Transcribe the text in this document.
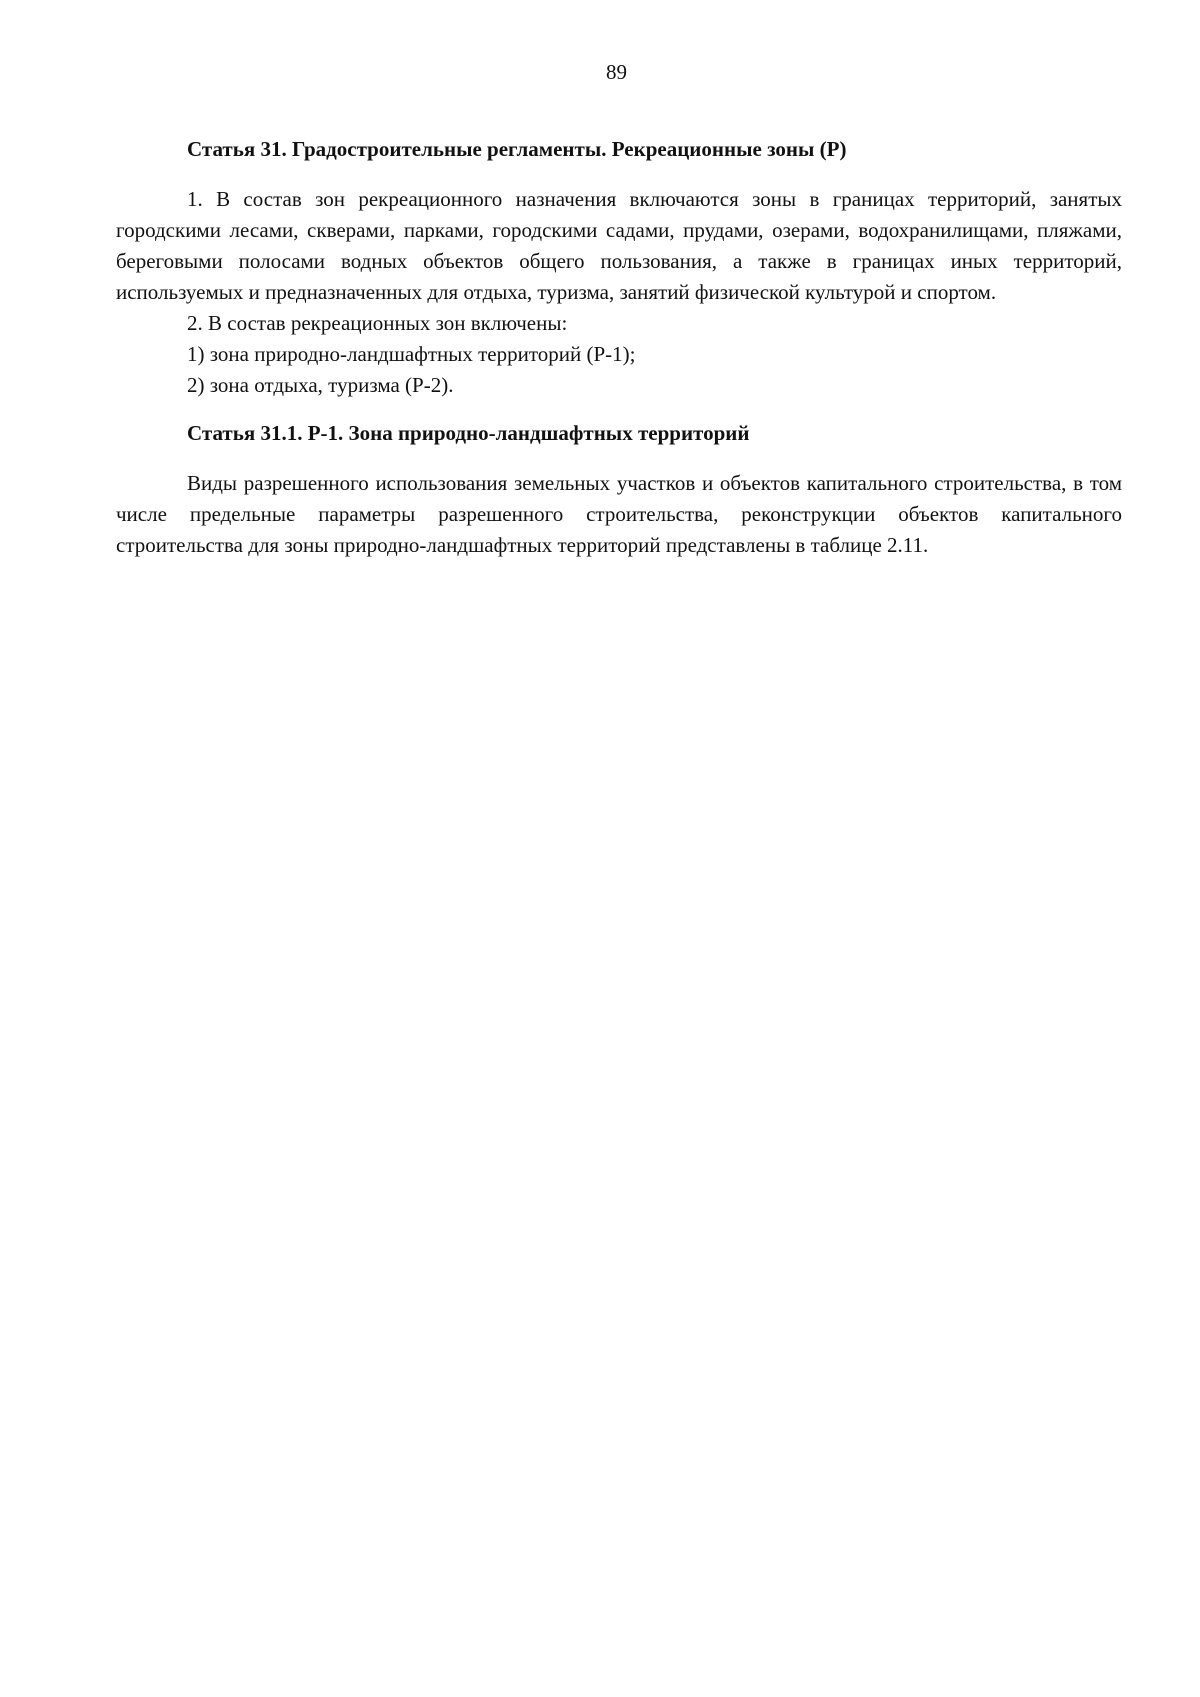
89

Статья 31. Градостроительные регламенты. Рекреационные зоны (Р)

1. В состав зон рекреационного назначения включаются зоны в границах территорий, занятых городскими лесами, скверами, парками, городскими садами, прудами, озерами, водохранилищами, пляжами, береговыми полосами водных объектов общего пользования, а также в границах иных территорий, используемых и предназначенных для отдыха, туризма, занятий физической культурой и спортом.

2. В состав рекреационных зон включены:

1) зона природно-ландшафтных территорий (Р-1);

2) зона отдыха, туризма (Р-2).

Статья 31.1. Р-1. Зона природно-ландшафтных территорий

Виды разрешенного использования земельных участков и объектов капитального строительства, в том числе предельные параметры разрешенного строительства, реконструкции объектов капитального строительства для зоны природно-ландшафтных территорий представлены в таблице 2.11.
